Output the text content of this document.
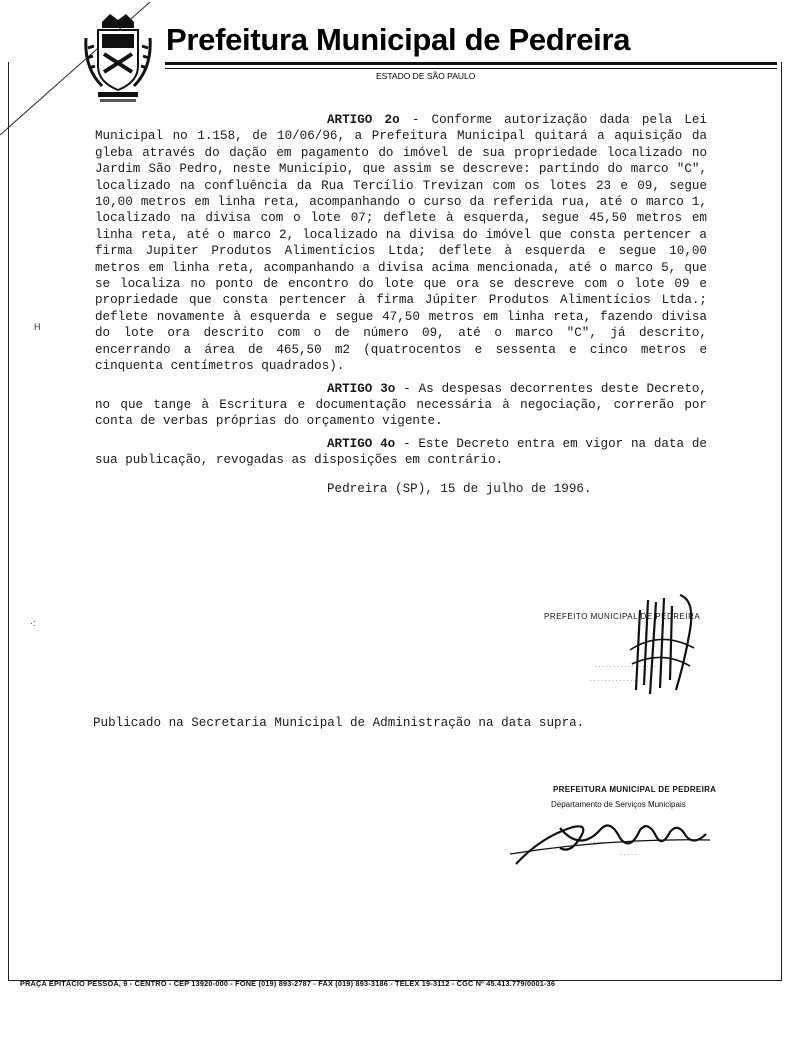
Prefeitura Municipal de Pedreira
ESTADO DE SÃO PAULO
H
·:

ARTIGO 2o - Conforme autorização dada pela Lei Municipal no 1.158, de 10/06/96, a Prefeitura Municipal quitará a aquisição da gleba através do dação em pagamento do imóvel de sua propriedade localizado no Jardim São Pedro, neste Município, que assim se descreve: partindo do marco "C", localizado na confluência da Rua Tercílio Trevizan com os lotes 23 e 09, segue 10,00 metros em linha reta, acompanhando o curso da referida rua, até o marco 1, localizado na divisa com o lote 07; deflete à esquerda, segue 45,50 metros em linha reta, até o marco 2, localizado na divisa do imóvel que consta pertencer a firma Jupiter Produtos Alimentícios Ltda; deflete à esquerda e segue 10,00 metros em linha reta, acompanhando a divisa acima mencionada, até o marco 5, que se localiza no ponto de encontro do lote que ora se descreve com o lote 09 e propriedade que consta pertencer à firma Júpiter Produtos Alimentícios Ltda.; deflete novamente à esquerda e segue 47,50 metros em linha reta, fazendo divisa do lote ora descrito com o de número 09, até o marco "C", já descrito, encerrando a área de 465,50 m2 (quatrocentos e sessenta e cinco metros e cinquenta centímetros quadrados).

ARTIGO 3o - As despesas decorrentes deste Decreto, no que tange à Escritura e documentação necessária à negociação, correrão por conta de verbas próprias do orçamento vigente.

ARTIGO 4o - Este Decreto entra em vigor na data de sua publicação, revogadas as disposições em contrário.

Pedreira (SP), 15 de julho de 1996.

PREFEITO MUNICIPAL DE PEDREIRA
· · · · · · · · · · · · · · · · ·
· · · · · · · · · · · · ·
Publicado na Secretaria Municipal de Administração na data supra.
PREFEITURA MUNICIPAL DE PEDREIRA
Departamento de Serviços Municipais
· · · · · · · · · · · · · ·
· · · · ·
PRAÇA EPITÁCIO PESSOA, 9 - CENTRO - CEP 13920-000 - FONE (019) 893-2787 - FAX (019) 893-3186 - TELEX 19-3112 - CGC Nº 45.413.779/0001-36
